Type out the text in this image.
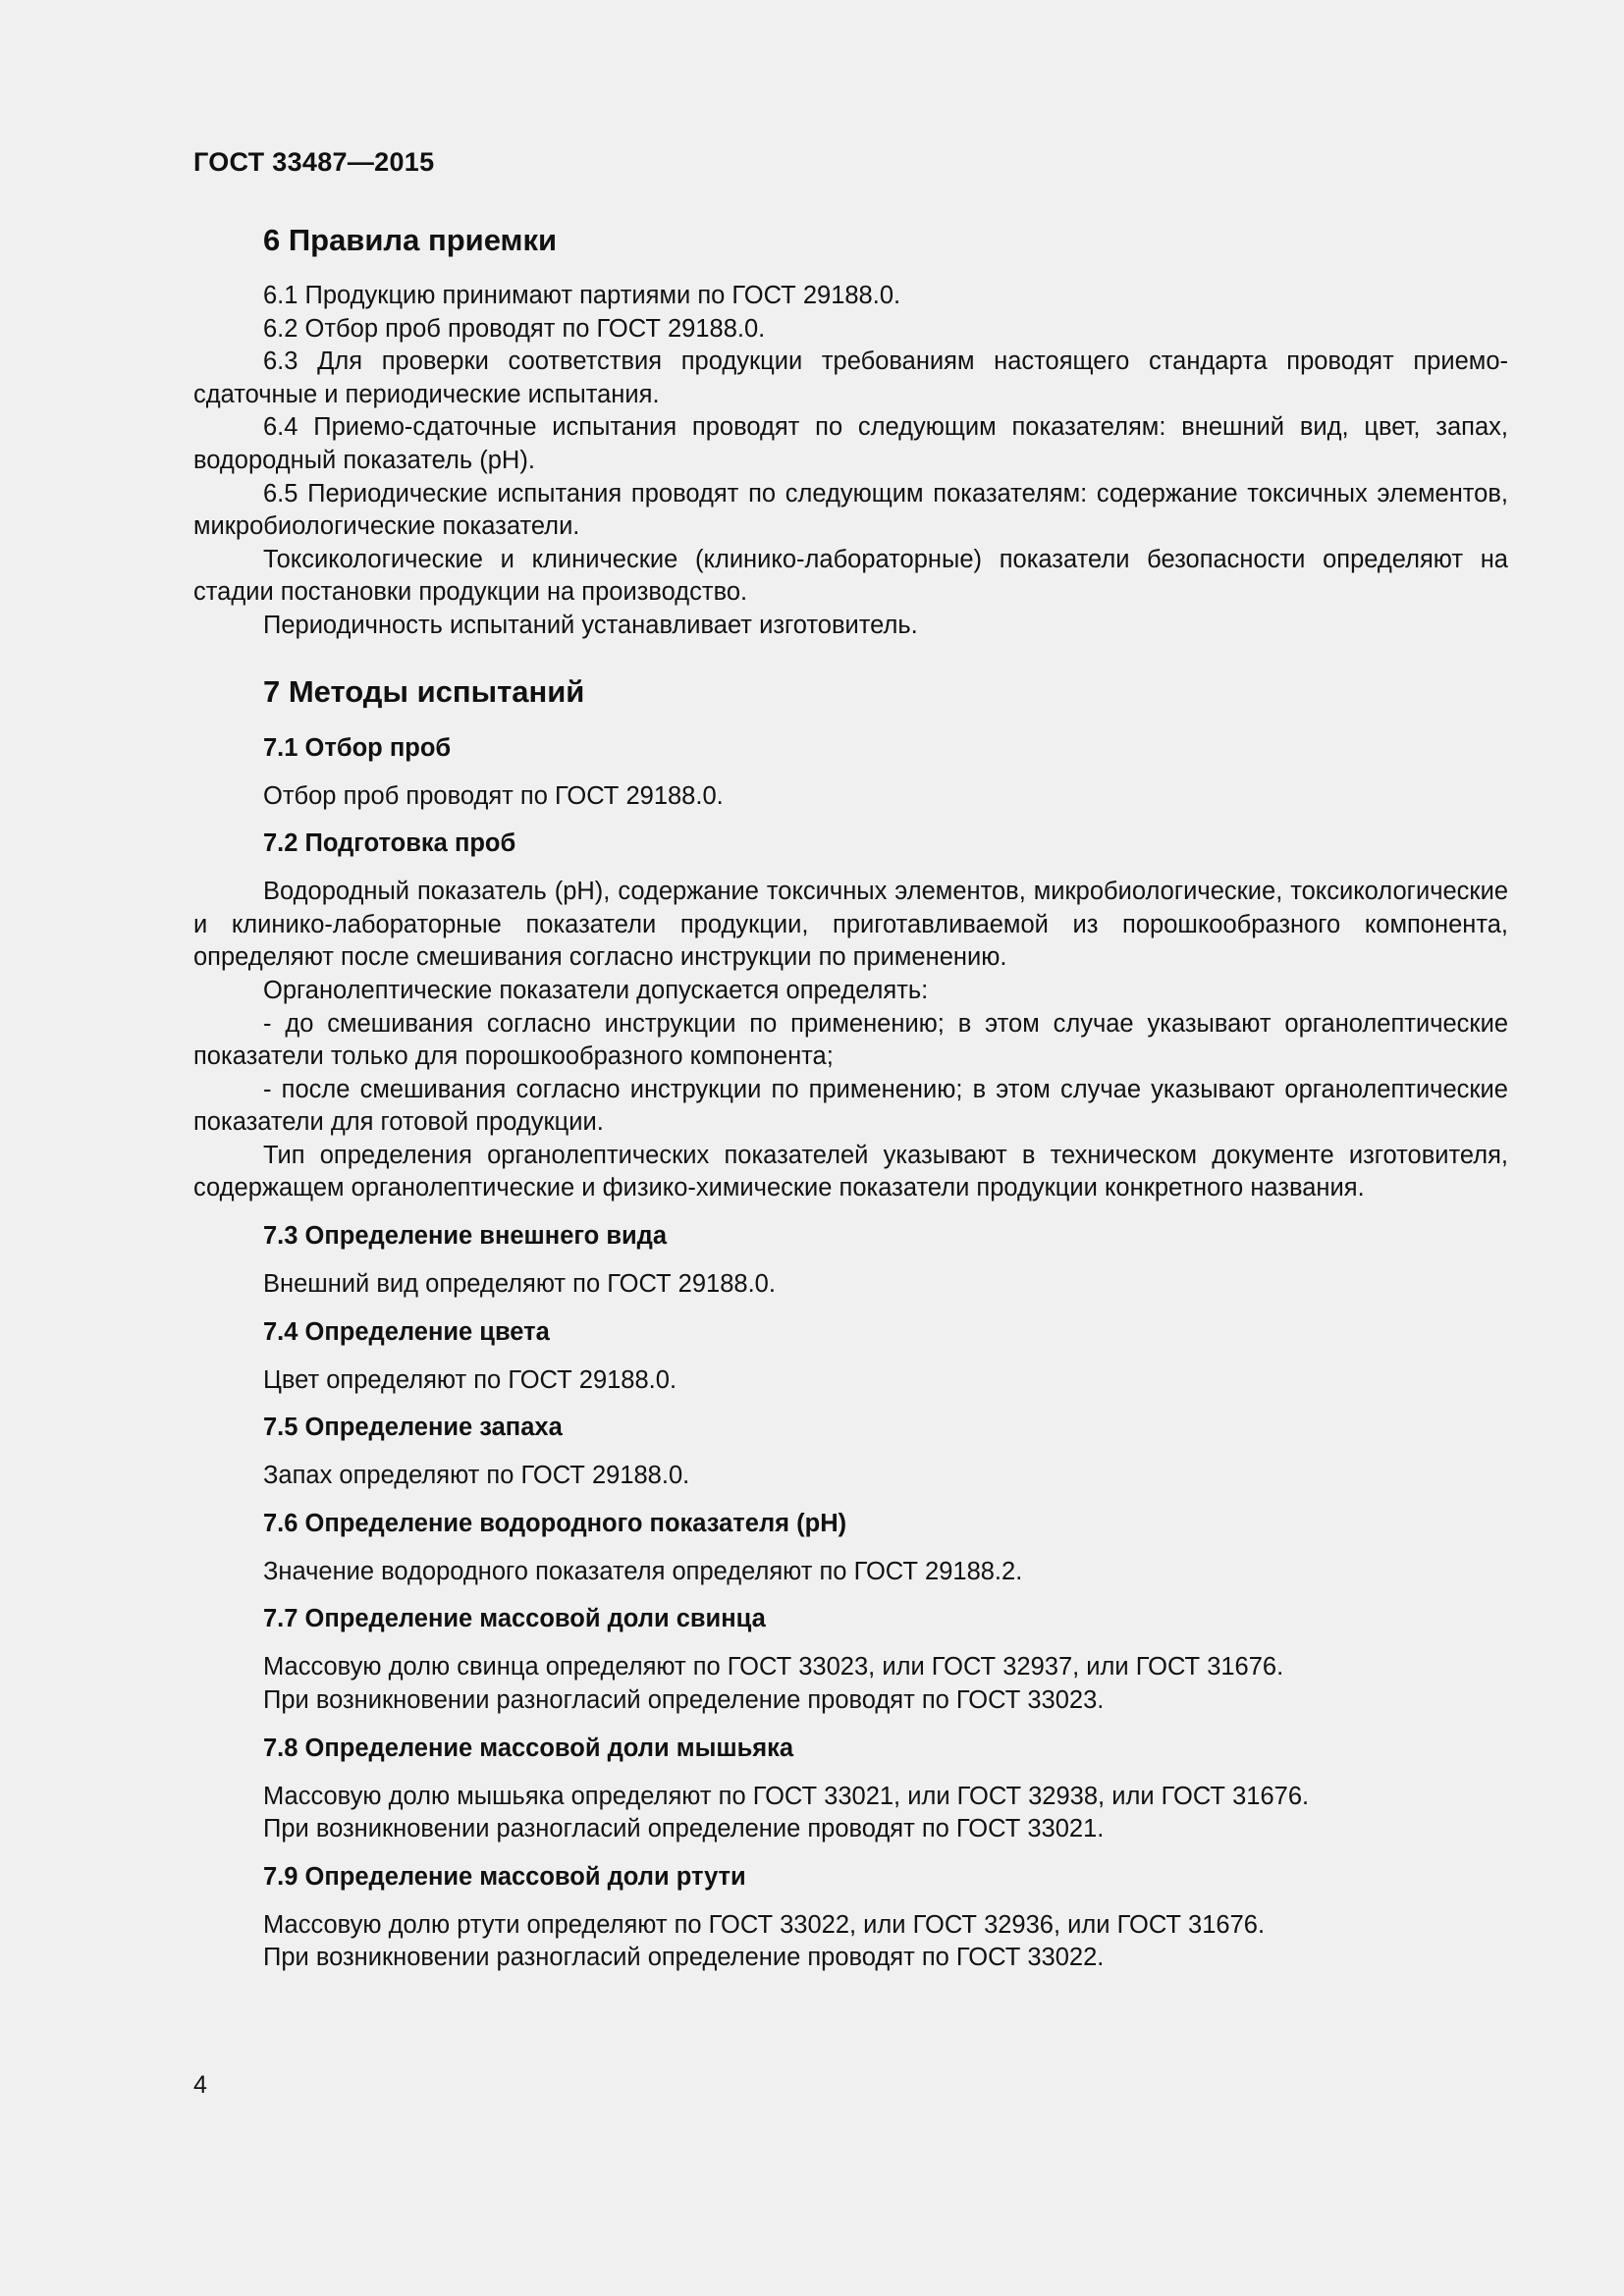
ГОСТ 33487—2015
6 Правила приемки

6.1 Продукцию принимают партиями по ГОСТ 29188.0.

6.2 Отбор проб проводят по ГОСТ 29188.0.

6.3 Для проверки соответствия продукции требованиям настоящего стандарта проводят приемо-сдаточные и периодические испытания.

6.4 Приемо-сдаточные испытания проводят по следующим показателям: внешний вид, цвет, запах, водородный показатель (pH).

6.5 Периодические испытания проводят по следующим показателям: содержание токсичных элементов, микробиологические показатели.

Токсикологические и клинические (клинико-лабораторные) показатели безопасности определяют на стадии постановки продукции на производство.

Периодичность испытаний устанавливает изготовитель.

7 Методы испытаний
7.1 Отбор проб

Отбор проб проводят по ГОСТ 29188.0.

7.2 Подготовка проб

Водородный показатель (pH), содержание токсичных элементов, микробиологические, токсикологические и клинико-лабораторные показатели продукции, приготавливаемой из порошкообразного компонента, определяют после смешивания согласно инструкции по применению.

Органолептические показатели допускается определять:

- до смешивания согласно инструкции по применению; в этом случае указывают органолептические показатели только для порошкообразного компонента;

- после смешивания согласно инструкции по применению; в этом случае указывают органолептические показатели для готовой продукции.

Тип определения органолептических показателей указывают в техническом документе изготовителя, содержащем органолептические и физико-химические показатели продукции конкретного названия.

7.3 Определение внешнего вида

Внешний вид определяют по ГОСТ 29188.0.

7.4 Определение цвета

Цвет определяют по ГОСТ 29188.0.

7.5 Определение запаха

Запах определяют по ГОСТ 29188.0.

7.6 Определение водородного показателя (pH)

Значение водородного показателя определяют по ГОСТ 29188.2.

7.7 Определение массовой доли свинца

Массовую долю свинца определяют по ГОСТ 33023, или ГОСТ 32937, или ГОСТ 31676.

При возникновении разногласий определение проводят по ГОСТ 33023.

7.8 Определение массовой доли мышьяка

Массовую долю мышьяка определяют по ГОСТ 33021, или ГОСТ 32938, или ГОСТ 31676.

При возникновении разногласий определение проводят по ГОСТ 33021.

7.9 Определение массовой доли ртути

Массовую долю ртути определяют по ГОСТ 33022, или ГОСТ 32936, или ГОСТ 31676.

При возникновении разногласий определение проводят по ГОСТ 33022.

4
